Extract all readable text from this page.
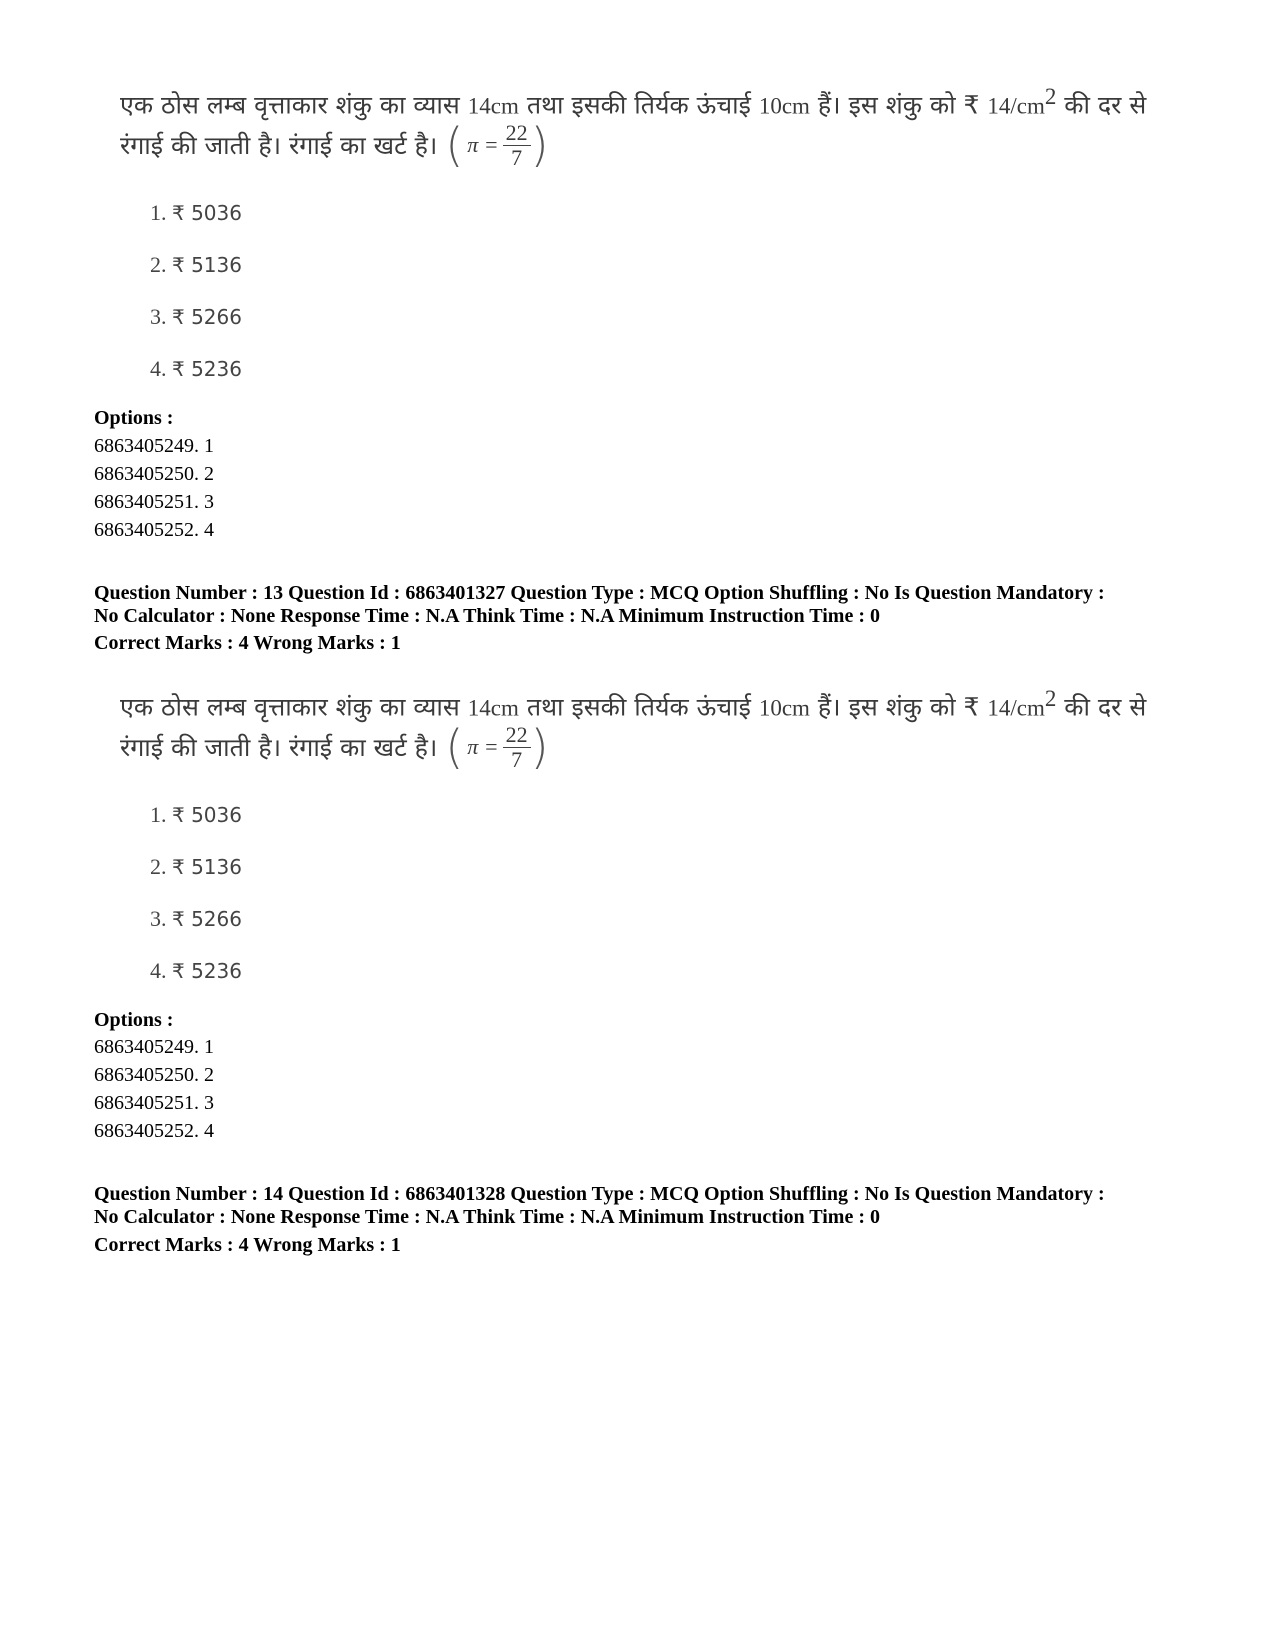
एक ठोस लम्ब वृत्ताकार शंकु का व्यास 14cm तथा इसकी तिर्यक ऊंचाई 10cm हैं। इस शंकु को ₹ $14/cm^2$ की दर से
रंगाई की जाती है। रंगाई का खर्ट है। ( $\pi = \frac{22}{7}$ )
1. ₹ 5036
2. ₹ 5136
3. ₹ 5266
4. ₹ 5236
Options :
6863405249. 1
6863405250. 2
6863405251. 3
6863405252. 4
Question Number : 13 Question Id : 6863401327 Question Type : MCQ Option Shuffling : No Is Question Mandatory :
No Calculator : None Response Time : N.A Think Time : N.A Minimum Instruction Time : 0
Correct Marks : 4 Wrong Marks : 1
एक ठोस लम्ब वृत्ताकार शंकु का व्यास 14cm तथा इसकी तिर्यक ऊंचाई 10cm हैं। इस शंकु को ₹ $14/cm^2$ की दर से
रंगाई की जाती है। रंगाई का खर्ट है। ( $\pi = \frac{22}{7}$ )
1. ₹ 5036
2. ₹ 5136
3. ₹ 5266
4. ₹ 5236
Options :
6863405249. 1
6863405250. 2
6863405251. 3
6863405252. 4
Question Number : 14 Question Id : 6863401328 Question Type : MCQ Option Shuffling : No Is Question Mandatory :
No Calculator : None Response Time : N.A Think Time : N.A Minimum Instruction Time : 0
Correct Marks : 4 Wrong Marks : 1
